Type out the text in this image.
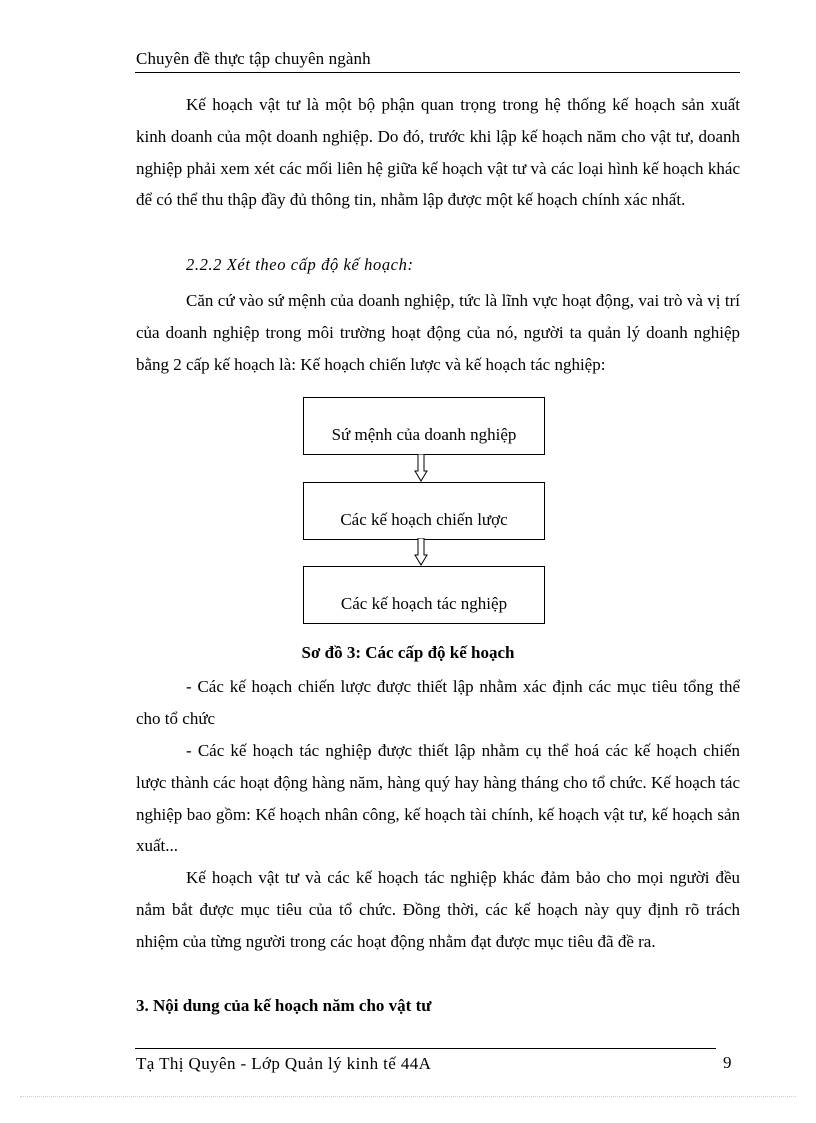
Chuyên đề thực tập chuyên ngành
Kế hoạch vật tư là một bộ phận quan trọng trong hệ thống kế hoạch sản xuất kinh doanh của một doanh nghiệp. Do đó, trước khi lập kế hoạch năm cho vật tư, doanh nghiệp phải xem xét các mối liên hệ giữa kế hoạch vật tư và các loại hình kế hoạch khác để có thể thu thập đầy đủ thông tin, nhằm lập được một kế hoạch chính xác nhất.
2.2.2 Xét theo cấp độ kế hoạch:
Căn cứ vào sứ mệnh của doanh nghiệp, tức là lĩnh vực hoạt động, vai trò và vị trí của doanh nghiệp trong môi trường hoạt động của nó, người ta quản lý doanh nghiệp bằng 2 cấp kế hoạch là: Kế hoạch chiến lược và kế hoạch tác nghiệp:
Sứ mệnh của doanh nghiệp
Các kế hoạch chiến lược
Các kế hoạch tác nghiệp
Sơ đồ 3: Các cấp độ kế hoạch
- Các kế hoạch chiến lược được thiết lập nhằm xác định các mục tiêu tổng thể cho tổ chức
- Các kế hoạch tác nghiệp được thiết lập nhằm cụ thể hoá các kế hoạch chiến lược thành các hoạt động hàng năm, hàng quý hay hàng tháng cho tổ chức. Kế hoạch tác nghiệp bao gồm: Kế hoạch nhân công, kế hoạch tài chính, kế hoạch vật tư, kế hoạch sản xuất...
Kế hoạch vật tư và các kế hoạch tác nghiệp khác đảm bảo cho mọi người đều nắm bắt được mục tiêu của tổ chức. Đồng thời, các kế hoạch này quy định rõ trách nhiệm của từng người trong các hoạt động nhằm đạt được mục tiêu đã đề ra.
3. Nội dung của kế hoạch năm cho vật tư
Tạ Thị Quyên - Lớp Quản lý kinh tế 44A	9
